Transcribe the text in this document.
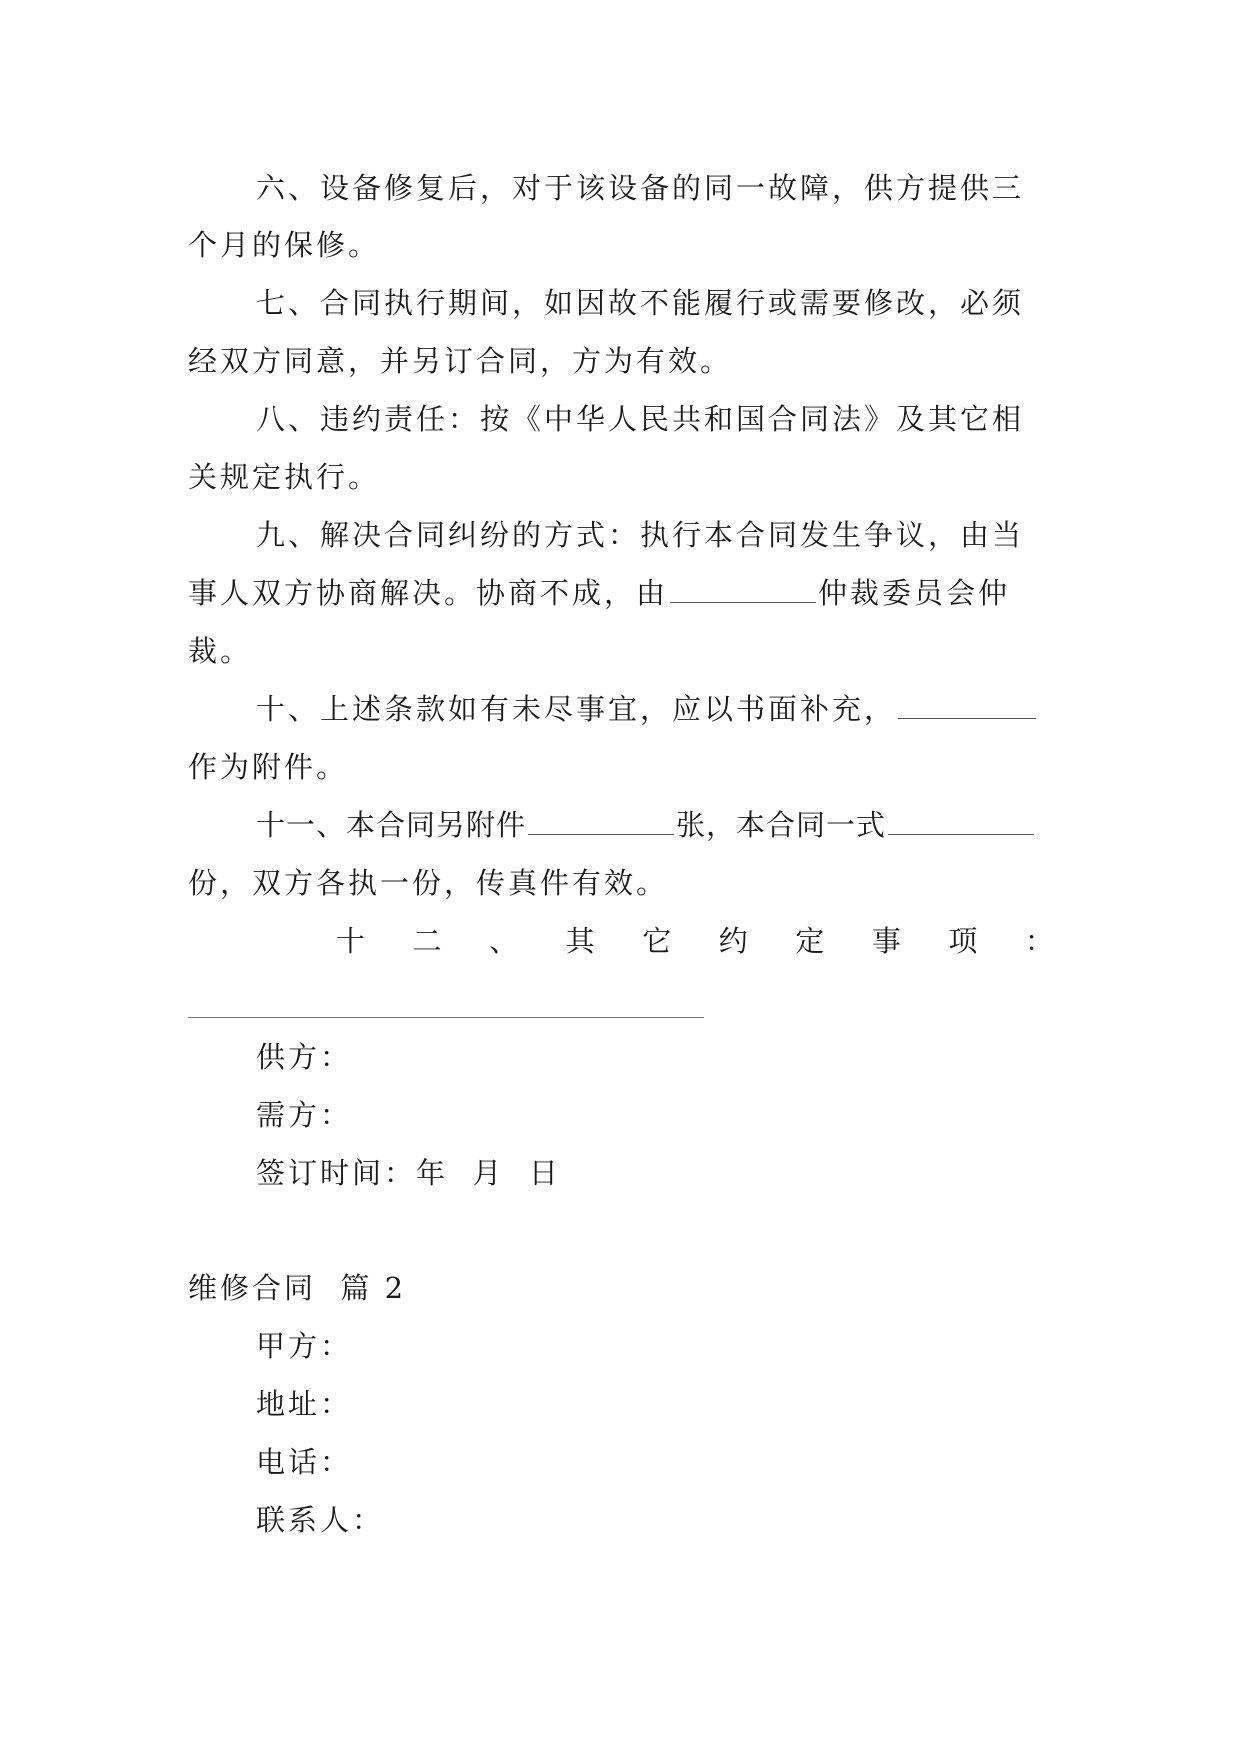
六、设备修复后，对于该设备的同一故障，供方提供三
个月的保修。
七、合同执行期间，如因故不能履行或需要修改，必须
经双方同意，并另订合同，方为有效。
八、违约责任：按《中华人民共和国合同法》及其它相
关规定执行。
九、解决合同纠纷的方式：执行本合同发生争议，由当
事人双方协商解决。协商不成，由	仲裁委员会仲
裁。
十、上述条款如有未尽事宜，应以书面补充，
作为附件。
十一、本合同另附件	张，本合同一式
份，双方各执一份，传真件有效。
十 二 、 其 它 约 定 事 项 ：
供方：
需方：
签订时间：年  月  日
维修合同  篇 2
甲方：
地址：
电话：
联系人：
